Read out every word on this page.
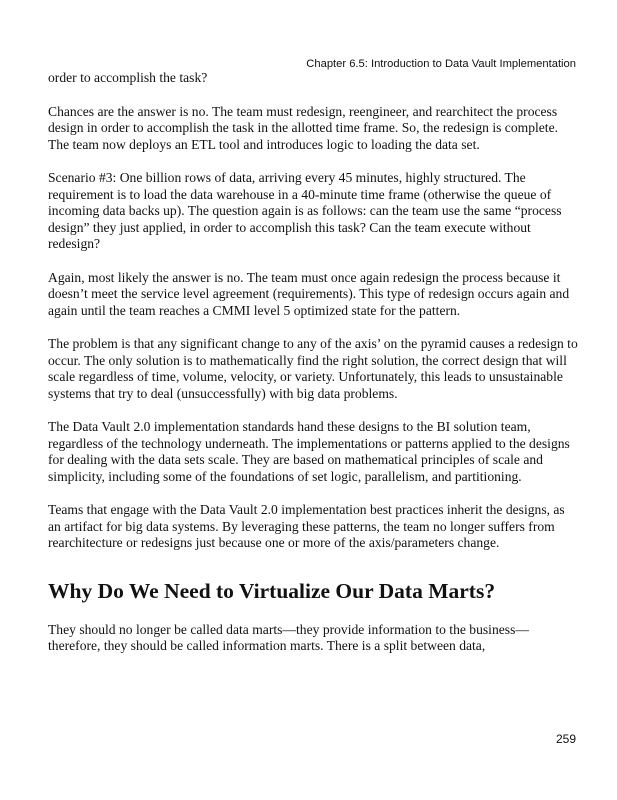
Chapter 6.5: Introduction to Data Vault Implementation

order to accomplish the task?

Chances are the answer is no. The team must redesign, reengineer, and rearchitect the process design in order to accomplish the task in the allotted time frame. So, the redesign is complete. The team now deploys an ETL tool and introduces logic to loading the data set.

Scenario #3: One billion rows of data, arriving every 45 minutes, highly structured. The requirement is to load the data warehouse in a 40-minute time frame (otherwise the queue of incoming data backs up). The question again is as follows: can the team use the same “process design” they just applied, in order to accomplish this task? Can the team execute without redesign?

Again, most likely the answer is no. The team must once again redesign the process because it doesn’t meet the service level agreement (requirements). This type of redesign occurs again and again until the team reaches a CMMI level 5 optimized state for the pattern.

The problem is that any significant change to any of the axis’ on the pyramid causes a redesign to occur. The only solution is to mathematically find the right solution, the correct design that will scale regardless of time, volume, velocity, or variety. Unfortunately, this leads to unsustainable systems that try to deal (unsuccessfully) with big data problems.

The Data Vault 2.0 implementation standards hand these designs to the BI solution team, regardless of the technology underneath. The implementations or patterns applied to the designs for dealing with the data sets scale. They are based on mathematical principles of scale and simplicity, including some of the foundations of set logic, parallelism, and partitioning.

Teams that engage with the Data Vault 2.0 implementation best practices inherit the designs, as an artifact for big data systems. By leveraging these patterns, the team no longer suffers from rearchitecture or redesigns just because one or more of the axis/parameters change.

Why Do We Need to Virtualize Our Data Marts?

They should no longer be called data marts—they provide information to the business—therefore, they should be called information marts. There is a split between data,

259
